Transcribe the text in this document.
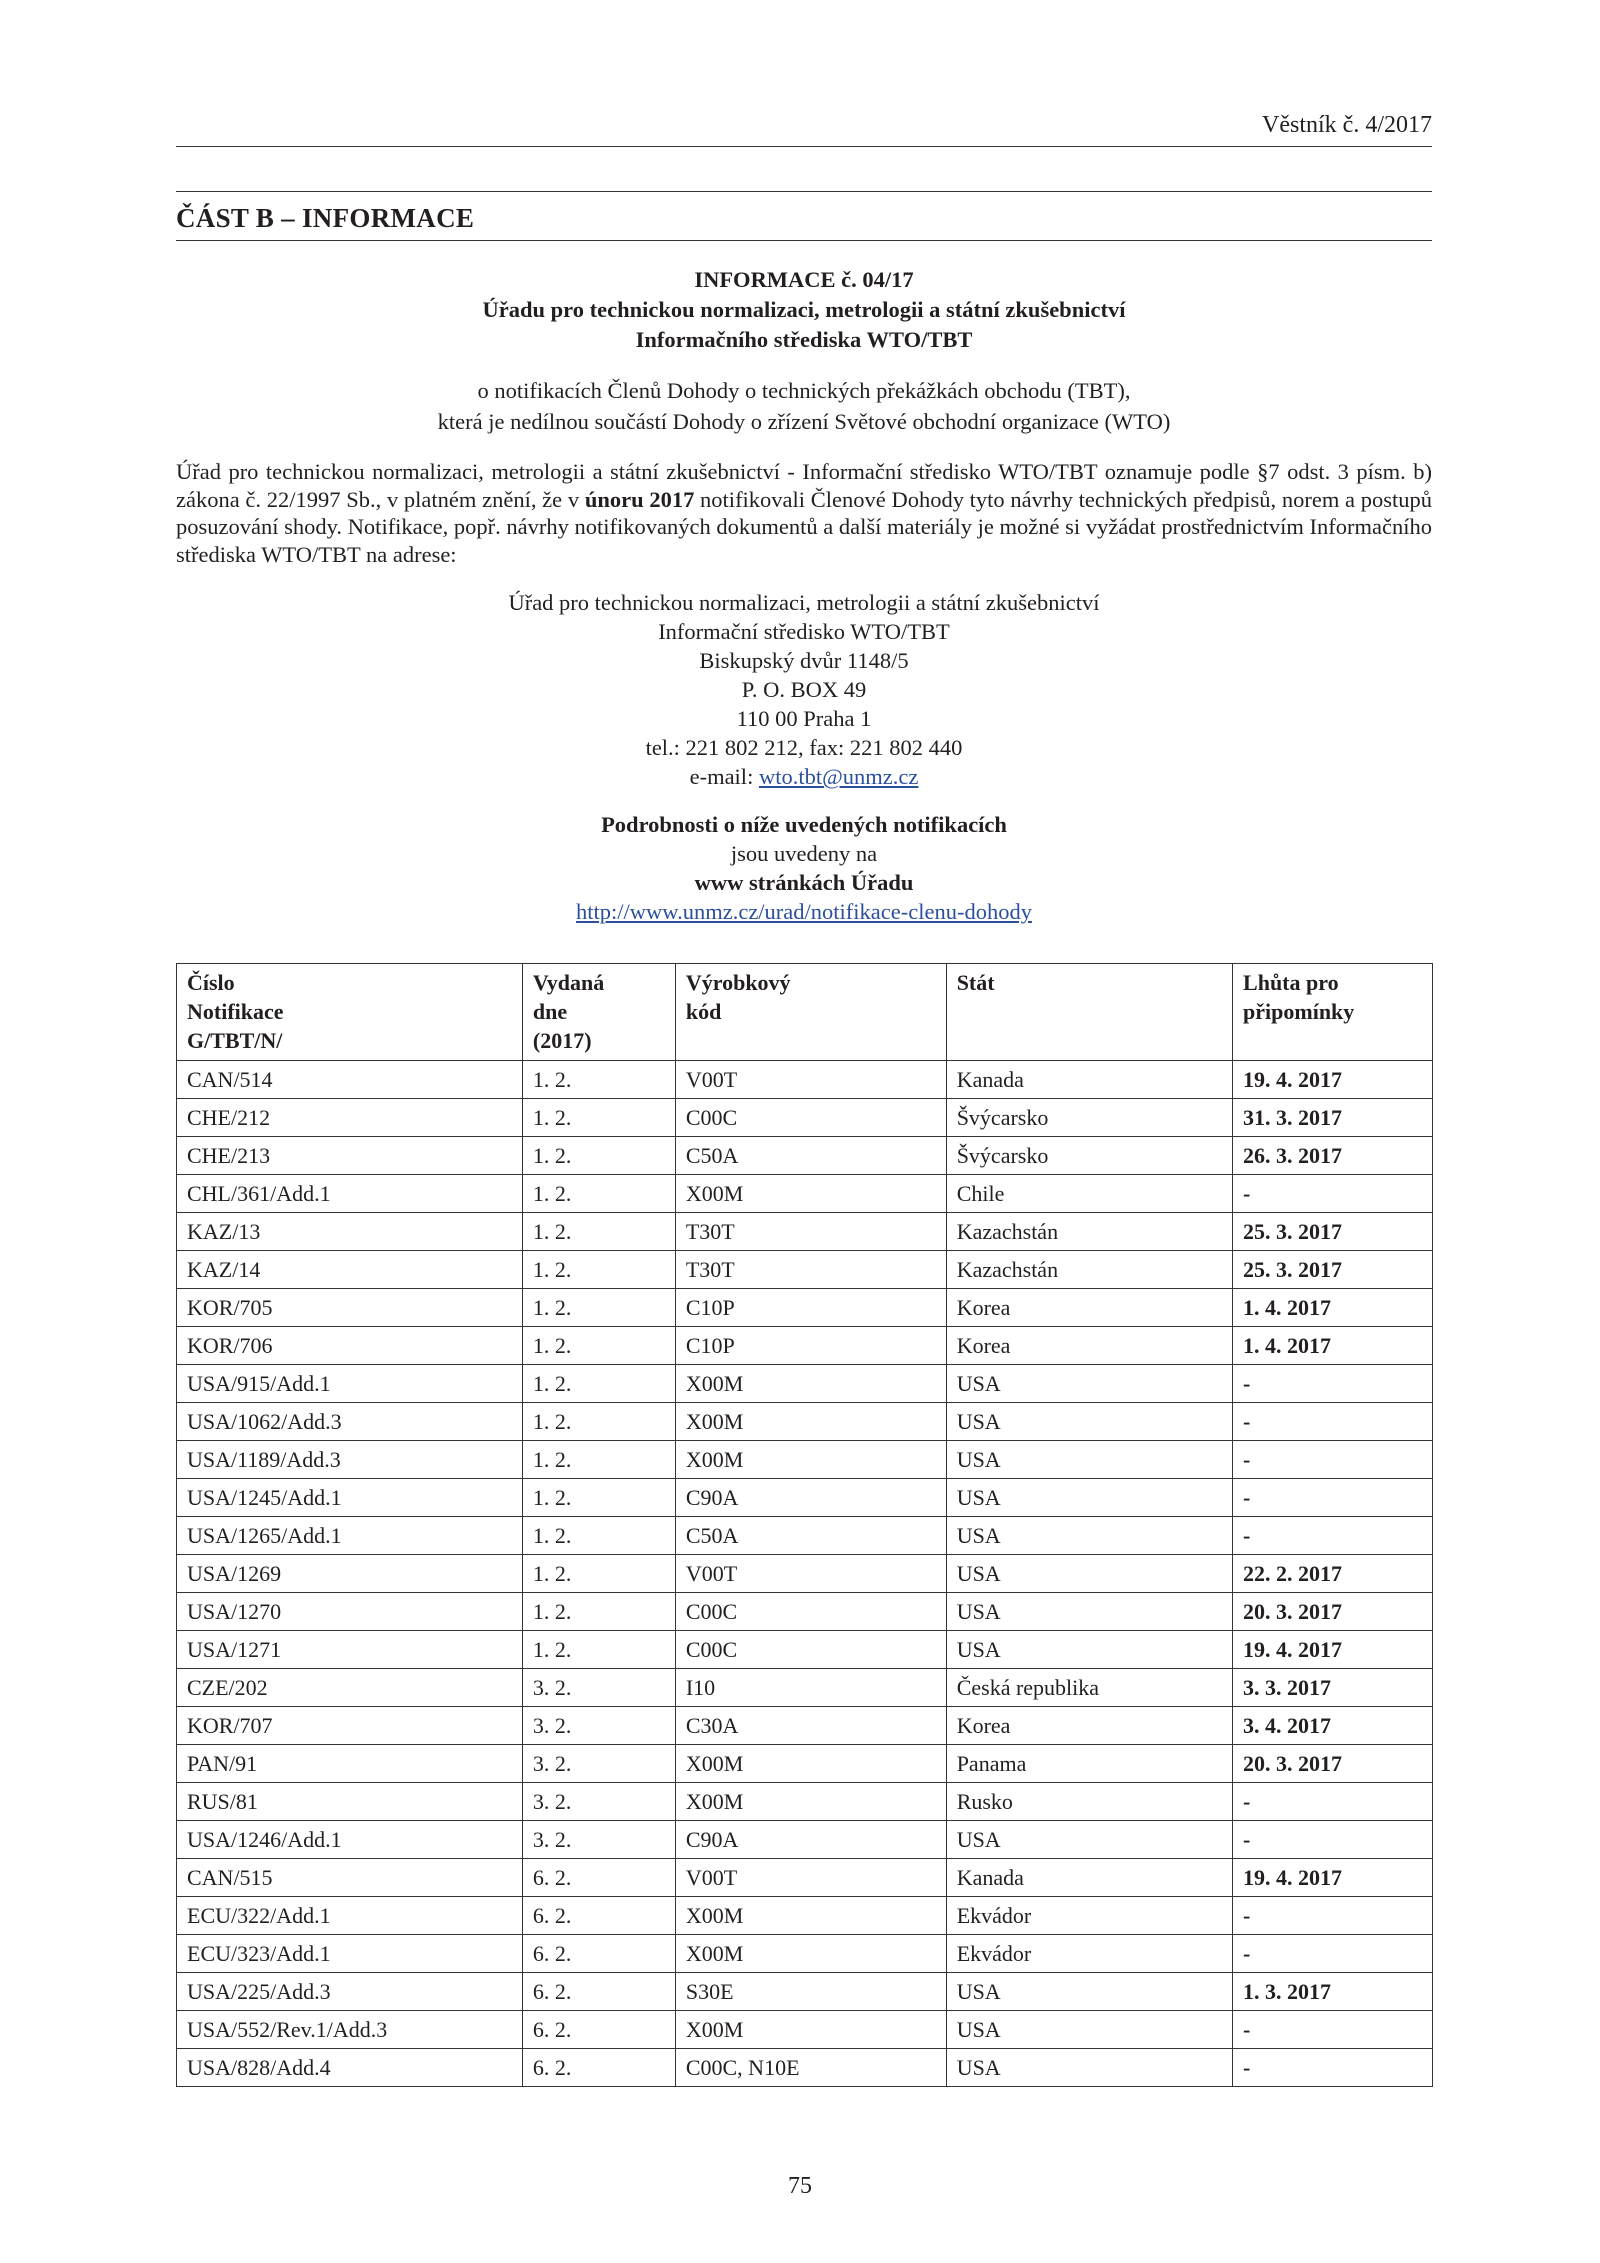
Věstník č. 4/2017
ČÁST B – INFORMACE
INFORMACE č. 04/17
Úřadu pro technickou normalizaci, metrologii a státní zkušebnictví
Informačního střediska WTO/TBT
o notifikacích Členů Dohody o technických překážkách obchodu (TBT),
která je nedílnou součástí Dohody o zřízení Světové obchodní organizace (WTO)
Úřad pro technickou normalizaci, metrologii a státní zkušebnictví - Informační středisko WTO/TBT oznamuje podle §7 odst. 3 písm. b) zákona č. 22/1997 Sb., v platném znění, že v únoru 2017 notifikovali Členové Dohody tyto návrhy technických předpisů, norem a postupů posuzování shody. Notifikace, popř. návrhy notifikovaných dokumentů a další materiály je možné si vyžádat prostřednictvím Informačního střediska WTO/TBT na adrese:
Úřad pro technickou normalizaci, metrologii a státní zkušebnictví
Informační středisko WTO/TBT
Biskupský dvůr 1148/5
P. O. BOX 49
110 00 Praha 1
tel.: 221 802 212, fax: 221 802 440
e-mail: wto.tbt@unmz.cz
Podrobnosti o níže uvedených notifikacích
jsou uvedeny na
www stránkách Úřadu
http://www.unmz.cz/urad/notifikace-clenu-dohody
Číslo Notifikace G/TBT/N/	Vydaná dne (2017)	Výrobkový kód	Stát	Lhůta pro připomínky
CAN/514	1. 2.	V00T	Kanada	19. 4. 2017
CHE/212	1. 2.	C00C	Švýcarsko	31. 3. 2017
CHE/213	1. 2.	C50A	Švýcarsko	26. 3. 2017
CHL/361/Add.1	1. 2.	X00M	Chile	-
KAZ/13	1. 2.	T30T	Kazachstán	25. 3. 2017
KAZ/14	1. 2.	T30T	Kazachstán	25. 3. 2017
KOR/705	1. 2.	C10P	Korea	1. 4. 2017
KOR/706	1. 2.	C10P	Korea	1. 4. 2017
USA/915/Add.1	1. 2.	X00M	USA	-
USA/1062/Add.3	1. 2.	X00M	USA	-
USA/1189/Add.3	1. 2.	X00M	USA	-
USA/1245/Add.1	1. 2.	C90A	USA	-
USA/1265/Add.1	1. 2.	C50A	USA	-
USA/1269	1. 2.	V00T	USA	22. 2. 2017
USA/1270	1. 2.	C00C	USA	20. 3. 2017
USA/1271	1. 2.	C00C	USA	19. 4. 2017
CZE/202	3. 2.	I10	Česká republika	3. 3. 2017
KOR/707	3. 2.	C30A	Korea	3. 4. 2017
PAN/91	3. 2.	X00M	Panama	20. 3. 2017
RUS/81	3. 2.	X00M	Rusko	-
USA/1246/Add.1	3. 2.	C90A	USA	-
CAN/515	6. 2.	V00T	Kanada	19. 4. 2017
ECU/322/Add.1	6. 2.	X00M	Ekvádor	-
ECU/323/Add.1	6. 2.	X00M	Ekvádor	-
USA/225/Add.3	6. 2.	S30E	USA	1. 3. 2017
USA/552/Rev.1/Add.3	6. 2.	X00M	USA	-
USA/828/Add.4	6. 2.	C00C, N10E	USA	-
75
